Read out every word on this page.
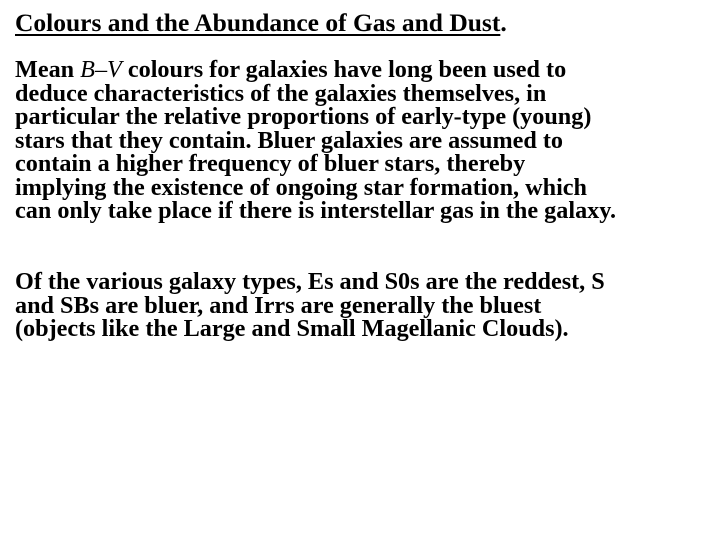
Colours and the Abundance of Gas and Dust.

Mean B–V colours for galaxies have long been used to
deduce characteristics of the galaxies themselves, in
particular the relative proportions of early-type (young)
stars that they contain. Bluer galaxies are assumed to
contain a higher frequency of bluer stars, thereby
implying the existence of ongoing star formation, which
can only take place if there is interstellar gas in the galaxy.

Of the various galaxy types, Es and S0s are the reddest, S
and SBs are bluer, and Irrs are generally the bluest
(objects like the Large and Small Magellanic Clouds).
